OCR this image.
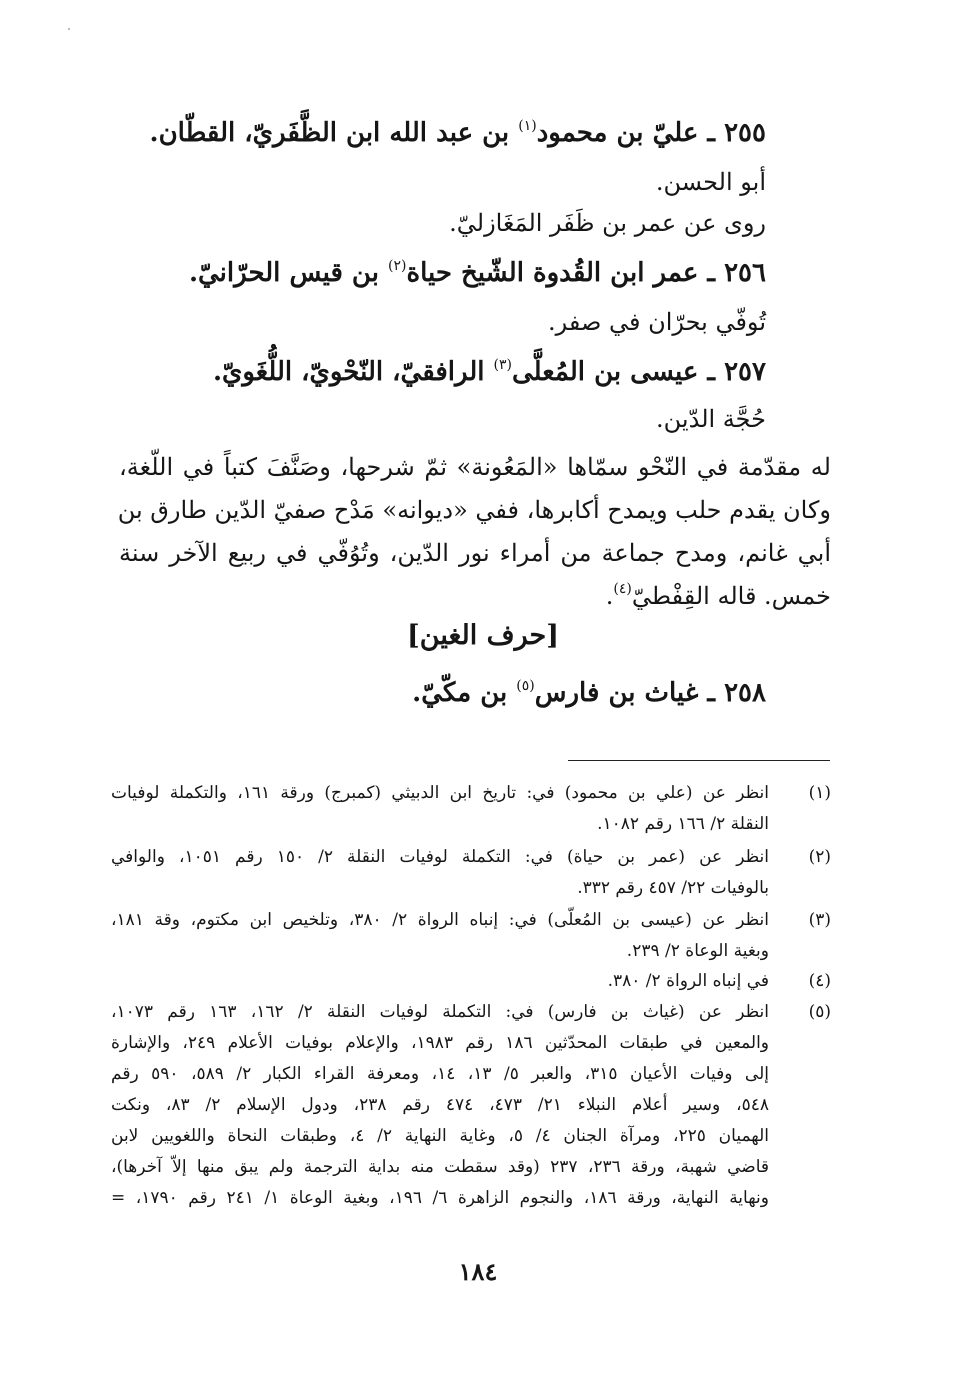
٢٥٥ ـ عليّ بن محمود$^{(١)}$ بن عبد الله ابن الظَّفَريّ، القطّان.
أبو الحسن.
روى عن عمر بن ظَفَر المَغَازليّ.
٢٥٦ ـ عمر ابن القُدوة الشّيخ حياة$^{(٢)}$ بن قيس الحرّانيّ.
تُوفّي بحرّان في صفر.
٢٥٧ ـ عيسى بن المُعلَّى$^{(٣)}$ الرافقيّ، النّحْويّ، اللُّغَويّ.
حُجَّة الدّين.
له مقدّمة في النّحْو سمّاها «المَعُونة» ثمّ شرحها، وصَنَّفَ كتباً في اللّغة،
وكان يقدم حلب ويمدح أكابرها، ففي «ديوانه» مَدْح صفيّ الدّين طارق بن
أبي غانم، ومدح جماعة من أمراء نور الدّين، وتُوُفّي في ربيع الآخر سنة
خمس. قاله القِفْطيّ$^{(٤)}$.
[حرف الغين]
٢٥٨ ـ غياث بن فارس$^{(٥)}$ بن مكّيّ.
(١)
انظر عن (علي بن محمود) في: تاريخ ابن الدبيثي (كمبرج) ورقة ١٦١، والتكملة لوفيات
النقلة ٢/ ١٦٦ رقم ١٠٨٢.
(٢)
انظر عن (عمر بن حياة) في: التكملة لوفيات النقلة ٢/ ١٥٠ رقم ١٠٥١، والوافي
بالوفيات ٢٢/ ٤٥٧ رقم ٣٣٢.
(٣)
انظر عن (عيسى بن المُعلّى) في: إنباه الرواة ٢/ ٣٨٠، وتلخيص ابن مكتوم، وقة ١٨١،
وبغية الوعاة ٢/ ٢٣٩.
(٤)
في إنباه الرواة ٢/ ٣٨٠.
(٥)
انظر عن (غياث بن فارس) في: التكملة لوفيات النقلة ٢/ ١٦٢، ١٦٣ رقم ١٠٧٣،
والمعين في طبقات المحدّثين ١٨٦ رقم ١٩٨٣، والإعلام بوفيات الأعلام ٢٤٩، والإشارة
إلى وفيات الأعيان ٣١٥، والعبر ٥/ ١٣، ١٤، ومعرفة القراء الكبار ٢/ ٥٨٩، ٥٩٠ رقم
٥٤٨، وسير أعلام النبلاء ٢١/ ٤٧٣، ٤٧٤ رقم ٢٣٨، ودول الإسلام ٢/ ٨٣، ونكت
الهميان ٢٢٥، ومرآة الجنان ٤/ ٥، وغاية النهاية ٢/ ٤، وطبقات النحاة واللغويين لابن
قاضي شهبة، ورقة ٢٣٦، ٢٣٧ (وقد سقطت منه بداية الترجمة ولم يبق منها إلاّ آخرها)،
ونهاية النهاية، ورقة ١٨٦، والنجوم الزاهرة ٦/ ١٩٦، وبغية الوعاة ١/ ٢٤١ رقم ١٧٩٠، =
١٨٤
